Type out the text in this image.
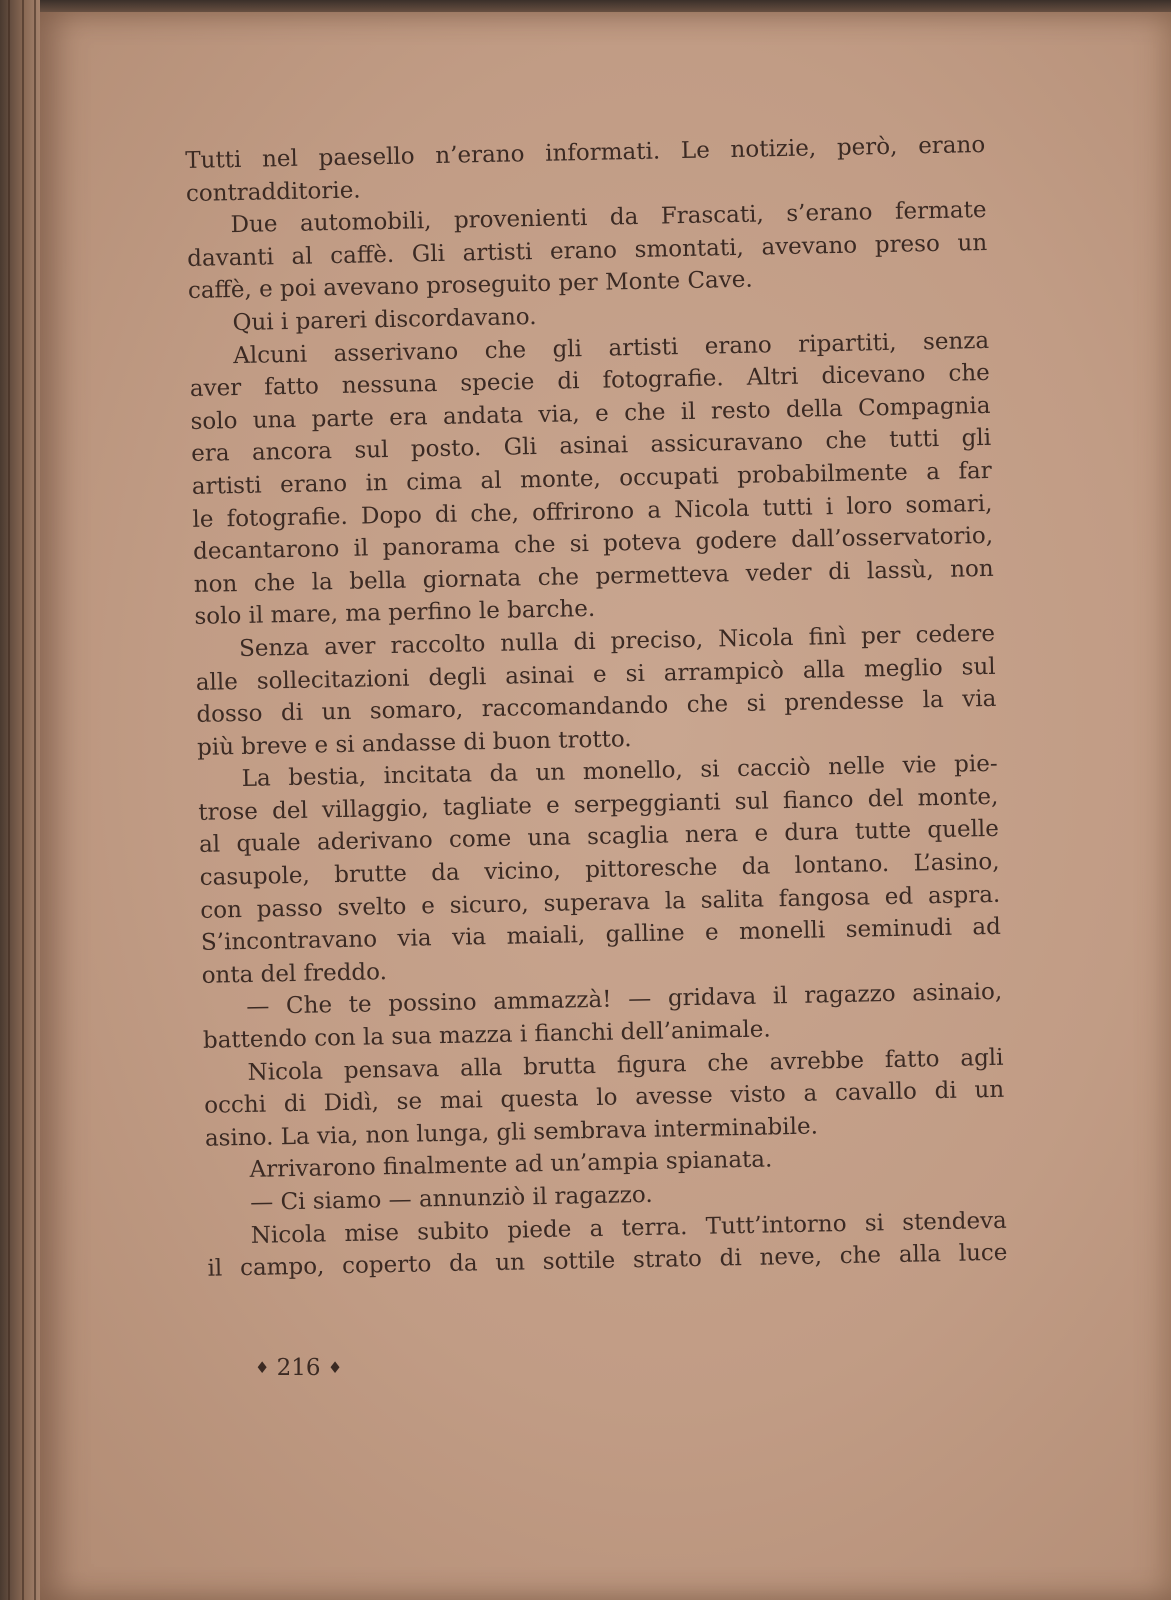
Tutti nel paesello n’erano informati. Le notizie, però, erano
contradditorie.
Due automobili, provenienti da Frascati, s’erano fermate
davanti al caffè. Gli artisti erano smontati, avevano preso un
caffè, e poi avevano proseguito per Monte Cave.
Qui i pareri discordavano.
Alcuni asserivano che gli artisti erano ripartiti, senza
aver fatto nessuna specie di fotografie. Altri dicevano che
solo una parte era andata via, e che il resto della Compagnia
era ancora sul posto. Gli asinai assicuravano che tutti gli
artisti erano in cima al monte, occupati probabilmente a far
le fotografie. Dopo di che, offrirono a Nicola tutti i loro somari,
decantarono il panorama che si poteva godere dall’osservatorio,
non che la bella giornata che permetteva veder di lassù, non
solo il mare, ma perfino le barche.
Senza aver raccolto nulla di preciso, Nicola finì per cedere
alle sollecitazioni degli asinai e si arrampicò alla meglio sul
dosso di un somaro, raccomandando che si prendesse la via
più breve e si andasse di buon trotto.
La bestia, incitata da un monello, si cacciò nelle vie pie-
trose del villaggio, tagliate e serpeggianti sul fianco del monte,
al quale aderivano come una scaglia nera e dura tutte quelle
casupole, brutte da vicino, pittoresche da lontano. L’asino,
con passo svelto e sicuro, superava la salita fangosa ed aspra.
S’incontravano via via maiali, galline e monelli seminudi ad
onta del freddo.
— Che te possino ammazzà! — gridava il ragazzo asinaio,
battendo con la sua mazza i fianchi dell’animale.
Nicola pensava alla brutta figura che avrebbe fatto agli
occhi di Didì, se mai questa lo avesse visto a cavallo di un
asino. La via, non lunga, gli sembrava interminabile.
Arrivarono finalmente ad un’ampia spianata.
— Ci siamo — annunziò il ragazzo.
Nicola mise subito piede a terra. Tutt’intorno si stendeva
il campo, coperto da un sottile strato di neve, che alla luce
♦ 216 ♦
